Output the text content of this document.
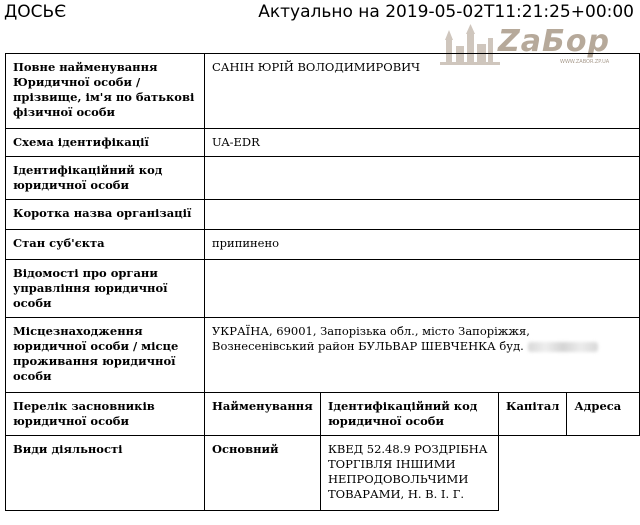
ДОСЬЄ	Актуально на 2019-05-02T11:21:25+00:00
ZaБор
WWW.ZABOR.ZP.UA
Повне найменування Юридичної особи / прізвище, ім'я по батькові фізичної особи	САНІН ЮРІЙ ВОЛОДИМИРОВИЧ			
Схема ідентифікації	UA-EDR			
Ідентифікаційний код юридичної особи				
Коротка назва організації				
Стан суб'єкта	припинено			
Відомості про органи управління юридичної особи				
Місцезнаходження юридичної особи / місце проживання юридичної особи	УКРАЇНА, 69001, Запорізька обл., місто Запоріжжя, Вознесенівський район БУЛЬВАР ШЕВЧЕНКА буд.			
Перелік засновників юридичної особи	Найменування	Ідентифікаційний код юридичної особи	Капітал	Адреса
Види діяльності	Основний	КВЕД 52.48.9 РОЗДРІБНА ТОРГІВЛЯ ІНШИМИ НЕПРОДОВОЛЬЧИМИ ТОВАРАМИ, Н. В. І. Г.		
